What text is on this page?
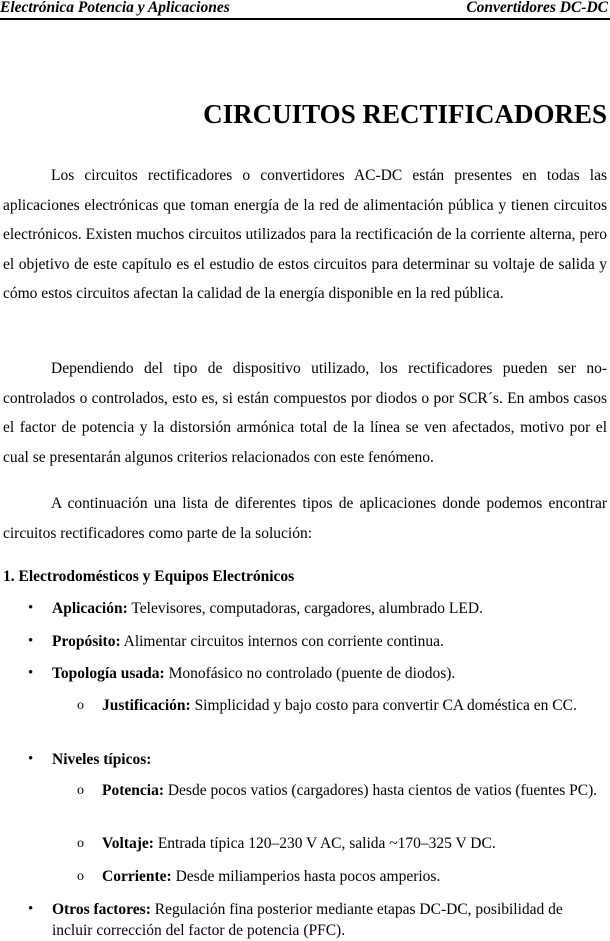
Electrónica Potencia y Aplicaciones	Convertidores DC-DC
CIRCUITOS RECTIFICADORES

Los circuitos rectificadores o convertidores AC-DC están presentes en todas las aplicaciones electrónicas que toman energía de la red de alimentación pública y tienen circuitos electrónicos. Existen muchos circuitos utilizados para la rectificación de la corriente alterna, pero el objetivo de este capítulo es el estudio de estos circuitos para determinar su voltaje de salida y cómo estos circuitos afectan la calidad de la energía disponible en la red pública.

Dependiendo del tipo de dispositivo utilizado, los rectificadores pueden ser no-controlados o controlados, esto es, si están compuestos por diodos o por SCR´s. En ambos casos el factor de potencia y la distorsión armónica total de la línea se ven afectados, motivo por el cual se presentarán algunos criterios relacionados con este fenómeno.

A continuación una lista de diferentes tipos de aplicaciones donde podemos encontrar circuitos rectificadores como parte de la solución:

1. Electrodomésticos y Equipos Electrónicos
• Aplicación: Televisores, computadoras, cargadores, alumbrado LED.

• Propósito: Alimentar circuitos internos con corriente continua.

• Topología usada: Monofásico no controlado (puente de diodos).

o Justificación: Simplicidad y bajo costo para convertir CA doméstica en CC.

• Niveles típicos:

o Potencia: Desde pocos vatios (cargadores) hasta cientos de vatios (fuentes PC).

o Voltaje: Entrada típica 120–230 V AC, salida ~170–325 V DC.

o Corriente: Desde miliamperios hasta pocos amperios.

• Otros factores: Regulación fina posterior mediante etapas DC-DC, posibilidad de incluir corrección del factor de potencia (PFC).
